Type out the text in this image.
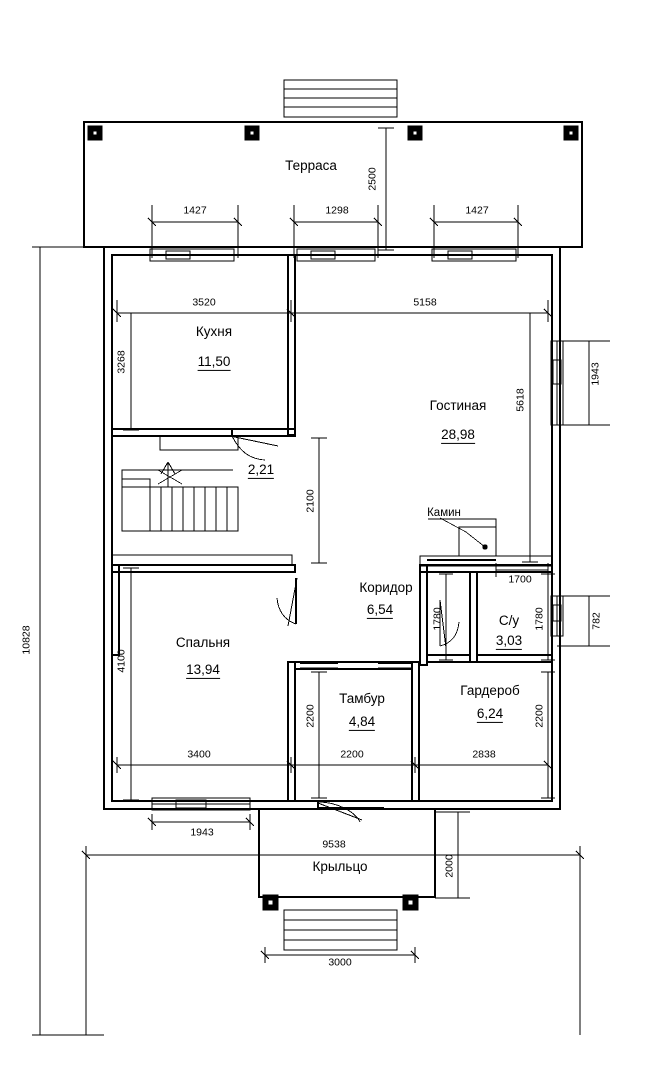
Терраса
Кухня
11,50
Гостиная
28,98
Спальня
13,94
Коридор
6,54
С/у
3,03
Тамбур
4,84
Гардероб
6,24
Крыльцо
2,21
Камин
1427	1298	1427
3520	5158
1700
3400	2200	2838
1943
9538
3000
2500
3268
5618
1943
2100
1780	1780	782
4100
2200	2200
2000
10828
